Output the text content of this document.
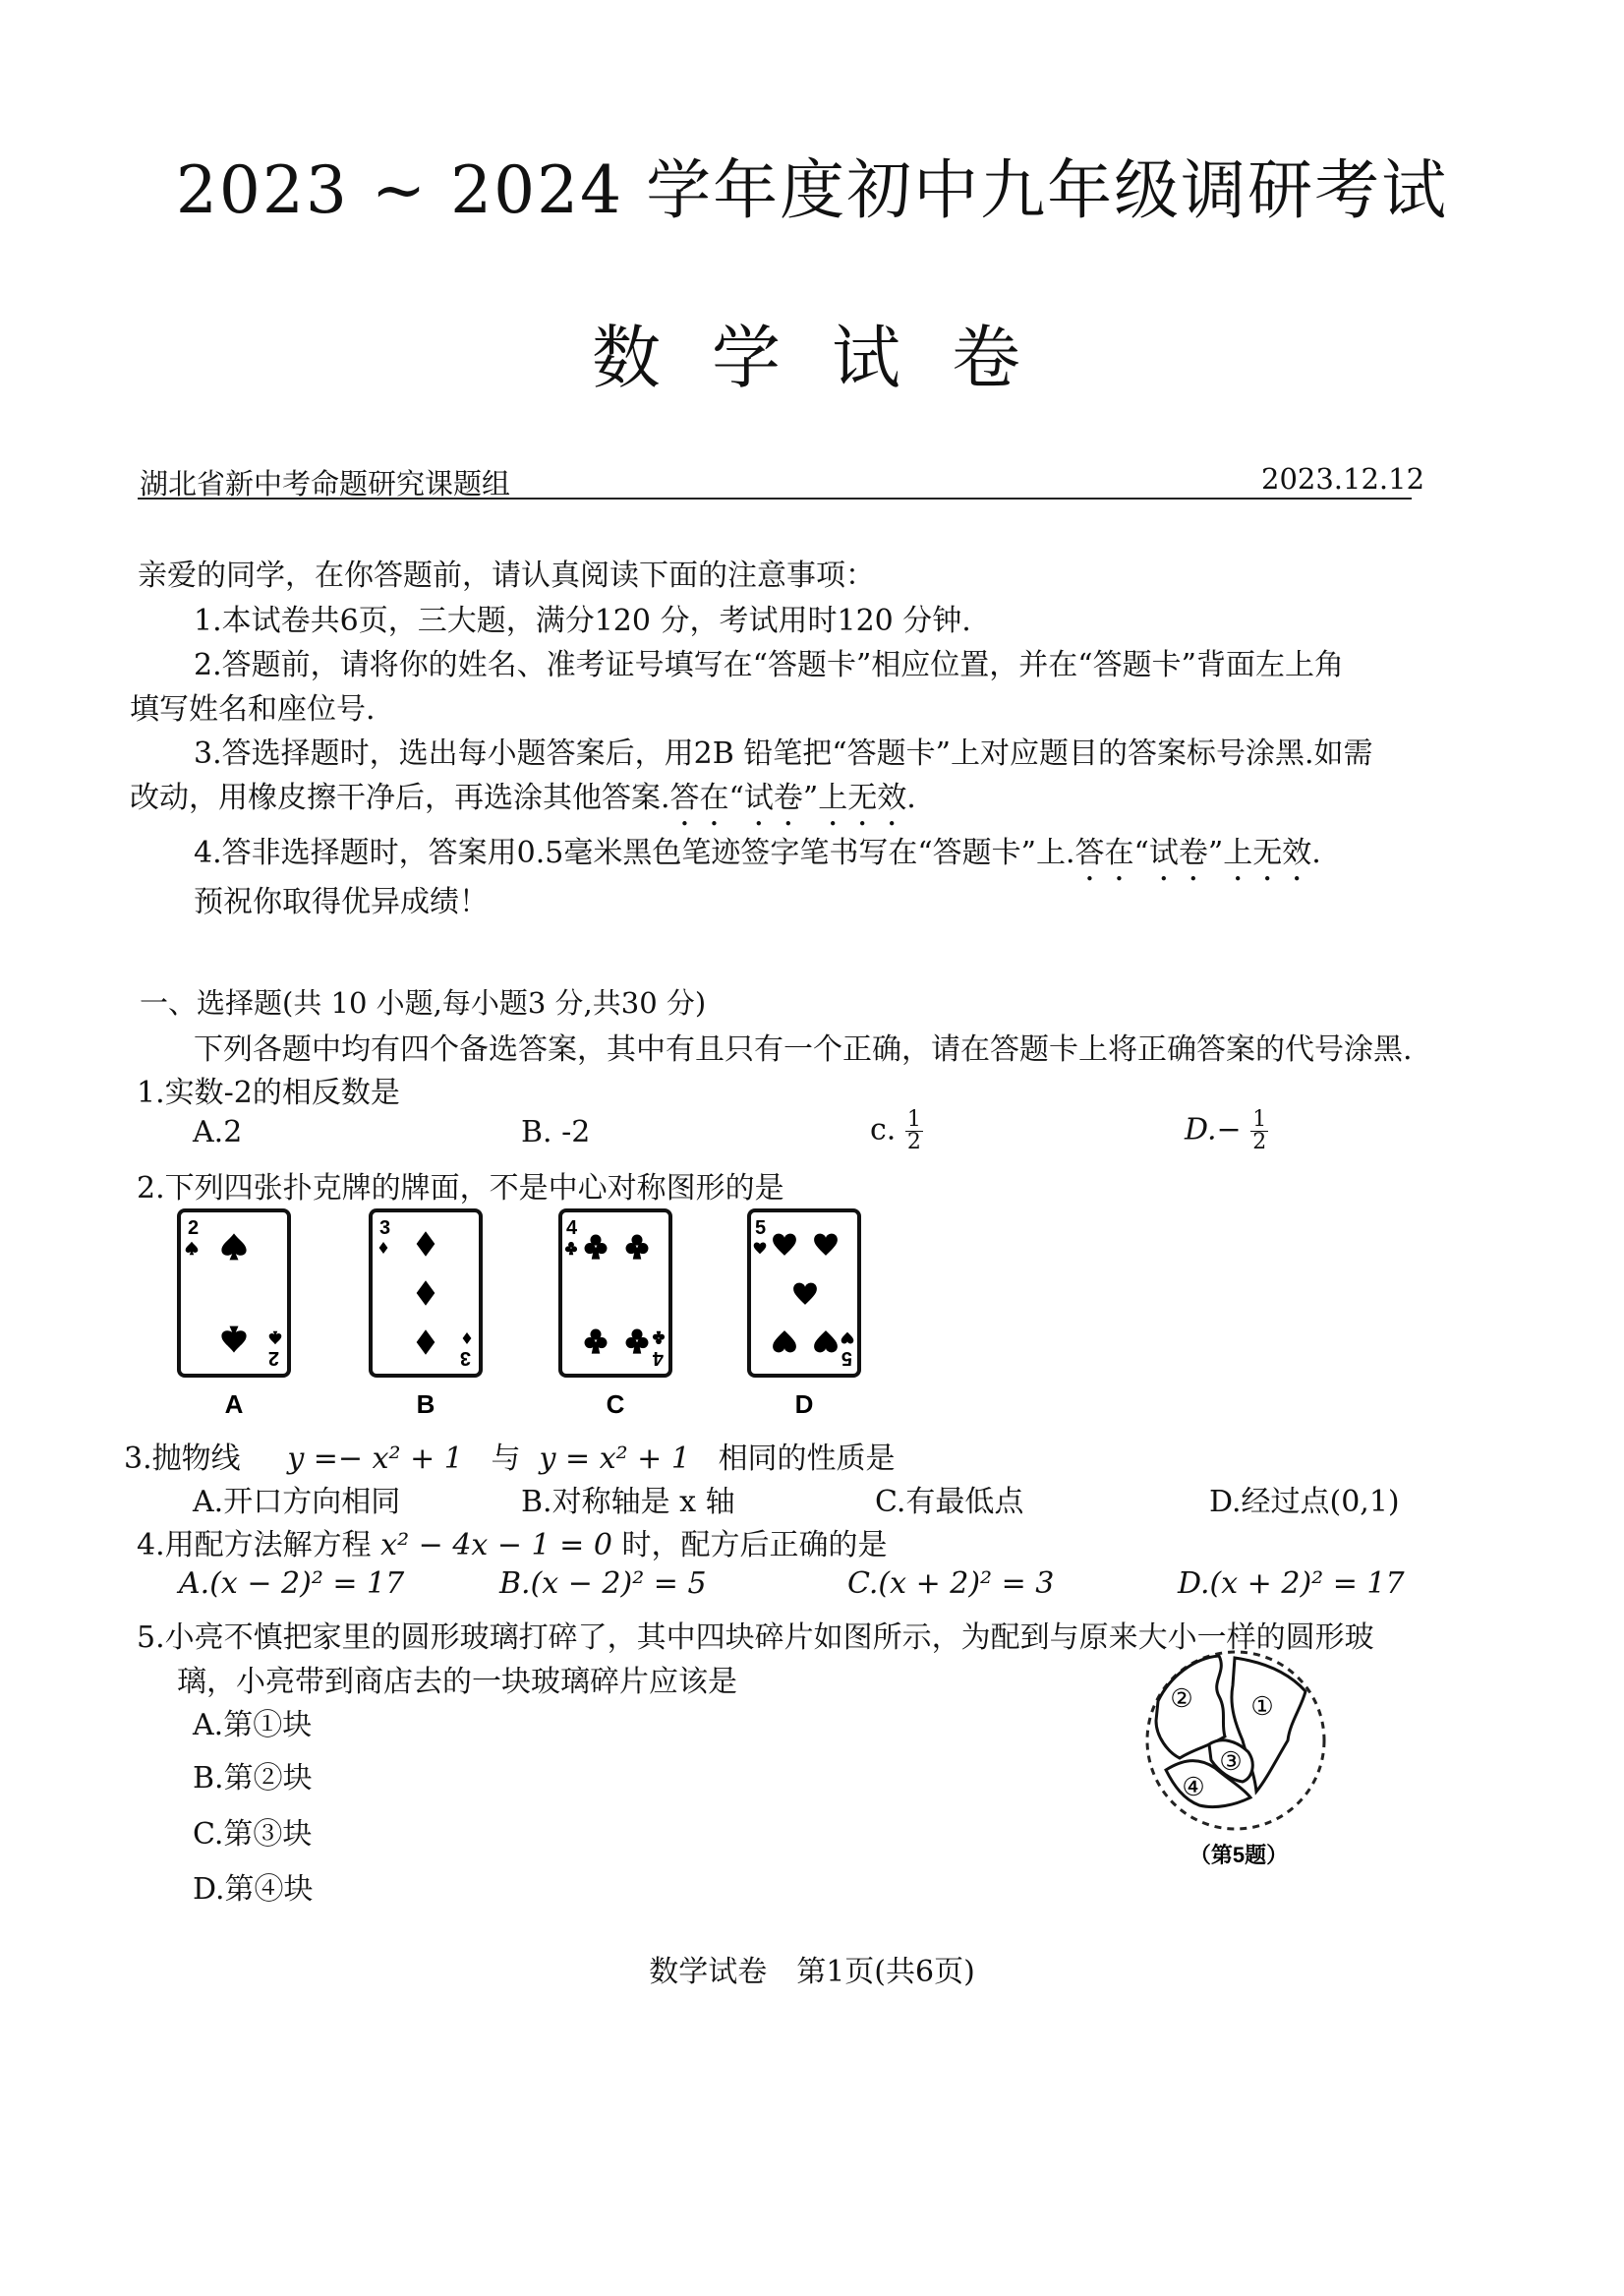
2023 ~ 2024 学年度初中九年级调研考试
数学试卷
湖北省新中考命题研究课题组	2023.12.12
亲爱的同学，在你答题前，请认真阅读下面的注意事项：
1.本试卷共6页，三大题，满分120 分，考试用时120 分钟.
2.答题前，请将你的姓名、准考证号填写在“答题卡”相应位置，并在“答题卡”背面左上角
填写姓名和座位号.
3.答选择题时，选出每小题答案后，用2B 铅笔把“答题卡”上对应题目的答案标号涂黑.如需
改动，用橡皮擦干净后，再选涂其他答案.答在“试卷”上无效.
4.答非选择题时，答案用0.5毫米黑色笔迹签字笔书写在“答题卡”上.答在“试卷”上无效.
预祝你取得优异成绩！
一、选择题(共 10 小题,每小题3 分,共30 分)
下列各题中均有四个备选答案，其中有且只有一个正确，请在答题卡上将正确答案的代号涂黑.
1.实数-2的相反数是
A.2	B. -2	c. $\frac{1}{2}$	$D.- \frac{1}{2}$
2.下列四张扑克牌的牌面，不是中心对称图形的是
2
2
A
3
3
B
4
4
C
5
5
D
3.抛物线 y =− x² + 1 与 y = x² + 1 相同的性质是
A.开口方向相同	B.对称轴是 x 轴	C.有最低点	D.经过点(0,1)
4.用配方法解方程 x² − 4x − 1 = 0 时，配方后正确的是
A.(x − 2)² = 17	B.(x − 2)² = 5	C.(x + 2)² = 3	D.(x + 2)² = 17
5.小亮不慎把家里的圆形玻璃打碎了，其中四块碎片如图所示，为配到与原来大小一样的圆形玻
璃，小亮带到商店去的一块玻璃碎片应该是
A.第①块
B.第②块
C.第③块
D.第④块
①
②
③
④
（第5题）
数学试卷　第1页(共6页)
